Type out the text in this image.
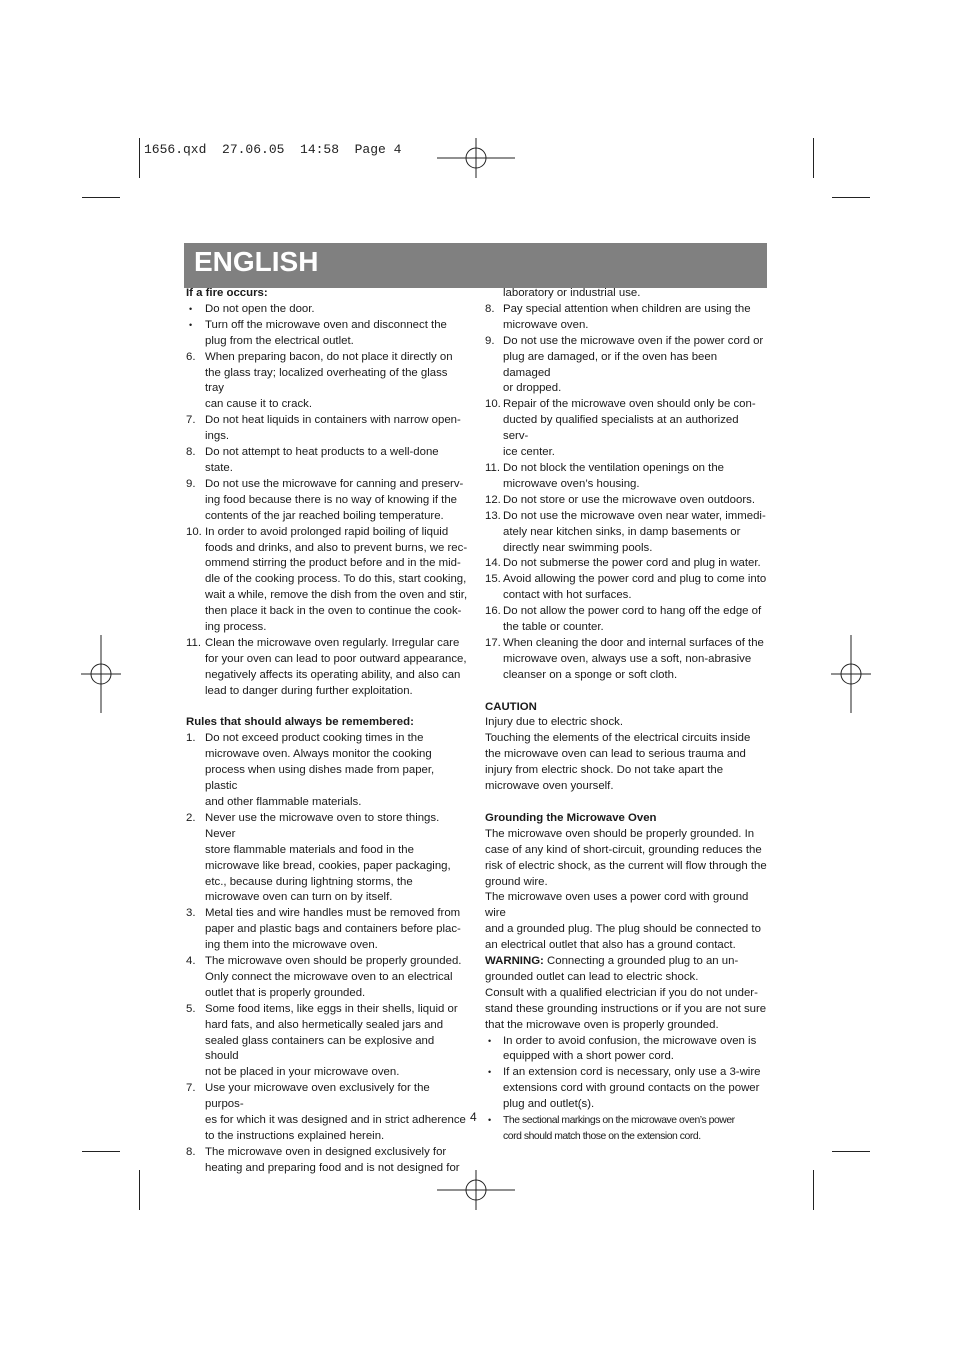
1656.qxd  27.06.05  14:58  Page 4
ENGLISH

If a fire occurs:

• Do not open the door.

• Turn off the microwave oven and disconnect the

plug from the electrical outlet.

6. When preparing bacon, do not place it directly on

the glass tray; localized overheating of the glass tray

can cause it to crack.

7. Do not heat liquids in containers with narrow open-

ings.

8. Do not attempt to heat products to a well-done

state.

9. Do not use the microwave for canning and preserv-

ing food because there is no way of knowing if the

contents of the jar reached boiling temperature.

10. In order to avoid prolonged rapid boiling of liquid

foods and drinks, and also to prevent burns, we rec-

ommend stirring the product before and in the mid-

dle of the cooking process. To do this, start cooking,

wait a while, remove the dish from the oven and stir,

then place it back in the oven to continue the cook-

ing process.

11. Clean the microwave oven regularly. Irregular care

for your oven can lead to poor outward appearance,

negatively affects its operating ability, and also can

lead to danger during further exploitation.

Rules that should always be remembered:

1. Do not exceed product cooking times in the

microwave oven. Always monitor the cooking

process when using dishes made from paper, plastic

and other flammable materials.

2. Never use the microwave oven to store things. Never

store flammable materials and food in the

microwave like bread, cookies, paper packaging,

etc., because during lightning storms, the

microwave oven can turn on by itself.

3. Metal ties and wire handles must be removed from

paper and plastic bags and containers before plac-

ing them into the microwave oven.

4. The microwave oven should be properly grounded.

Only connect the microwave oven to an electrical

outlet that is properly grounded.

5. Some food items, like eggs in their shells, liquid or

hard fats, and also hermetically sealed jars and

sealed glass containers can be explosive and should

not be placed in your microwave oven.

7. Use your microwave oven exclusively for the purpos-

es for which it was designed and in strict adherence

to the instructions explained herein.

8. The microwave oven in designed exclusively for

heating and preparing food and is not designed for

laboratory or industrial use.

8. Pay special attention when children are using the

microwave oven.

9. Do not use the microwave oven if the power cord or

plug are damaged, or if the oven has been damaged

or dropped.

10. Repair of the microwave oven should only be con-

ducted by qualified specialists at an authorized serv-

ice center.

11. Do not block the ventilation openings on the

microwave oven’s housing.

12. Do not store or use the microwave oven outdoors.

13. Do not use the microwave oven near water, immedi-

ately near kitchen sinks, in damp basements or

directly near swimming pools.

14. Do not submerse the power cord and plug in water.

15. Avoid allowing the power cord and plug to come into

contact with hot surfaces.

16. Do not allow the power cord to hang off the edge of

the table or counter.

17. When cleaning the door and internal surfaces of the

microwave oven, always use a soft, non-abrasive

cleanser on a sponge or soft cloth.

CAUTION

Injury due to electric shock.

Touching the elements of the electrical circuits inside

the microwave oven can lead to serious trauma and

injury from electric shock. Do not take apart the

microwave oven yourself.

Grounding the Microwave Oven

The microwave oven should be properly grounded. In

case of any kind of short-circuit, grounding reduces the

risk of electric shock, as the current will flow through the

ground wire.

The microwave oven uses a power cord with ground wire

and a grounded plug. The plug should be connected to

an electrical outlet that also has a ground contact.

WARNING: Connecting a grounded plug to an un-

grounded outlet can lead to electric shock.

Consult with a qualified electrician if you do not under-

stand these grounding instructions or if you are not sure

that the microwave oven is properly grounded.

• In order to avoid confusion, the microwave oven is

equipped with a short power cord.

• If an extension cord is necessary, only use a 3-wire

extensions cord with ground contacts on the power

plug and outlet(s).

• The sectional markings on the microwave oven’s power

cord should match those on the extension cord.

4
